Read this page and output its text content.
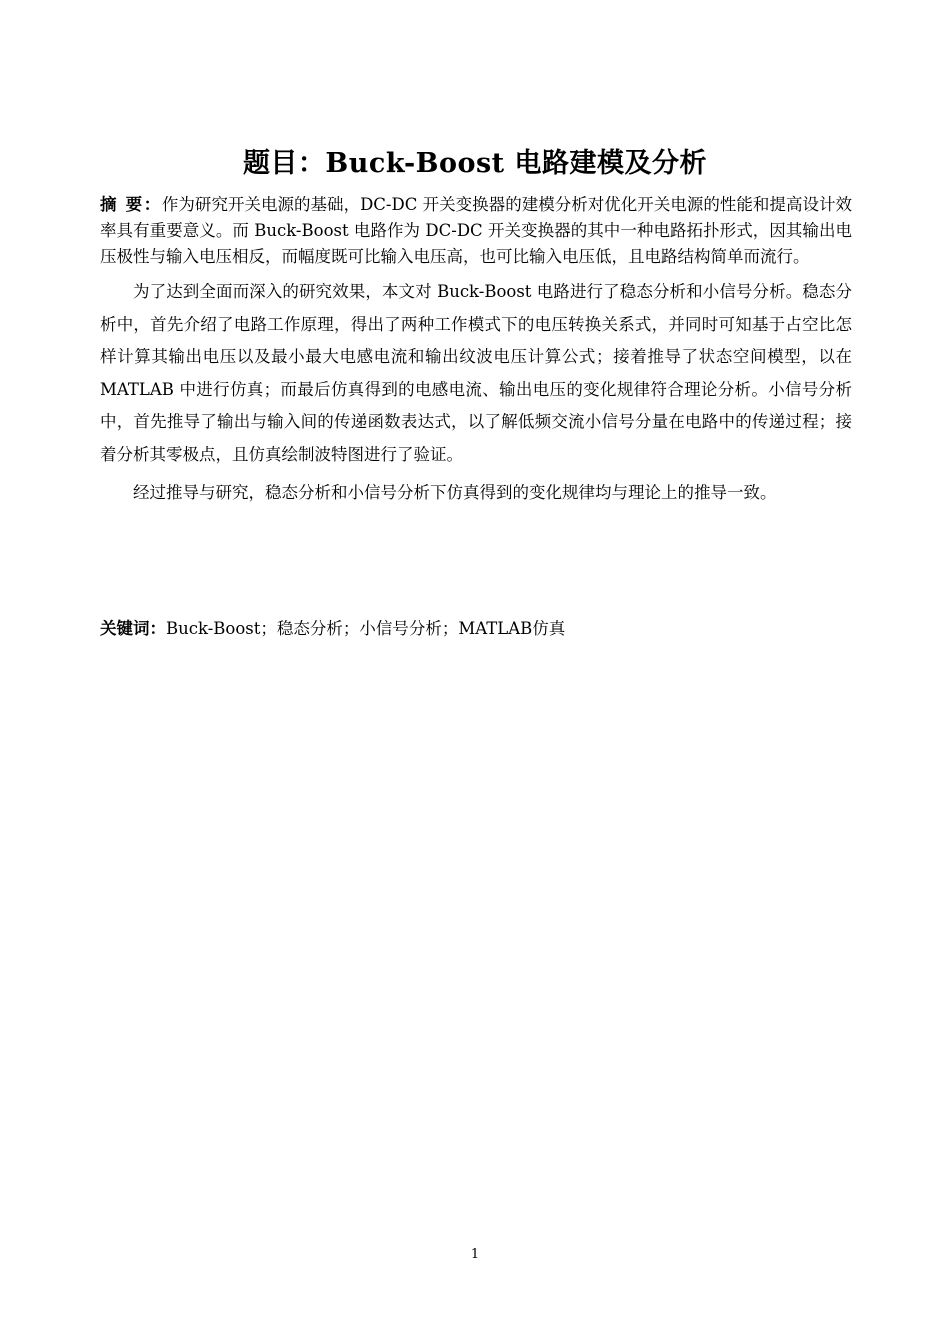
题目：Buck-Boost 电路建模及分析

摘 要：作为研究开关电源的基础，DC-DC 开关变换器的建模分析对优化开关电源的性能和提高设计效率具有重要意义。而 Buck-Boost 电路作为 DC-DC 开关变换器的其中一种电路拓扑形式，因其输出电压极性与输入电压相反，而幅度既可比输入电压高，也可比输入电压低，且电路结构简单而流行。

为了达到全面而深入的研究效果，本文对 Buck-Boost 电路进行了稳态分析和小信号分析。稳态分析中，首先介绍了电路工作原理，得出了两种工作模式下的电压转换关系式，并同时可知基于占空比怎样计算其输出电压以及最小最大电感电流和输出纹波电压计算公式；接着推导了状态空间模型，以在 MATLAB 中进行仿真；而最后仿真得到的电感电流、输出电压的变化规律符合理论分析。小信号分析中，首先推导了输出与输入间的传递函数表达式，以了解低频交流小信号分量在电路中的传递过程；接着分析其零极点，且仿真绘制波特图进行了验证。

经过推导与研究，稳态分析和小信号分析下仿真得到的变化规律均与理论上的推导一致。

关键词：Buck-Boost；稳态分析；小信号分析；MATLAB仿真
1
